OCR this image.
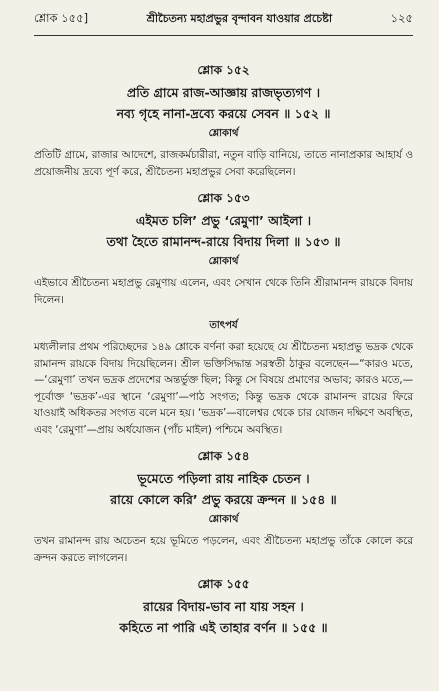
শ্লোক ১৫৫]	শ্রীচৈতন্য মহাপ্রভুর বৃন্দাবন যাওয়ার প্রচেষ্টা	১২৫

শ্লোক ১৫২

প্রতি গ্রামে রাজ-আজ্ঞায় রাজভৃত্যগণ ।

নব্য গৃহে নানা-দ্রব্যে করয়ে সেবন ॥ ১৫২ ॥

শ্লোকার্থ

প্রতিটি গ্রামে, রাজার আদেশে, রাজকর্মচারীরা, নতুন বাড়ি বানিয়ে, তাতে নানাপ্রকার আহার্য ও প্রয়োজনীয় দ্রব্যে পূর্ণ করে, শ্রীচৈতন্য মহাপ্রভুর সেবা করেছিলেন।

শ্লোক ১৫৩

এইমত চলি’ প্রভু ‘রেমুণা’ আইলা ।

তথা হৈতে রামানন্দ-রায়ে বিদায় দিলা ॥ ১৫৩ ॥

শ্লোকার্থ

এইভাবে শ্রীচৈতন্য মহাপ্রভু রেমুণায় এলেন, এবং সেখান থেকে তিনি শ্রীরামানন্দ রায়কে বিদায় দিলেন।

তাৎপর্য

মধ্যলীলার প্রথম পরিচ্ছেদের ১৪৯ শ্লোকে বর্ণনা করা হয়েছে যে শ্রীচৈতন্য মহাপ্রভু ভদ্রক থেকে রামানন্দ রায়কে বিদায় দিয়েছিলেন। শ্রীল ভক্তিসিদ্ধান্ত সরস্বতী ঠাকুর বলেছেন—“কারও মতে,—‘রেমুণা’ তখন ভদ্রক প্রদেশের অন্তর্ভুক্ত ছিল; কিন্তু সে বিষয়ে প্রমাণের অভাব; কারও মতে,—পূর্বোক্ত ‘ভদ্রক’-এর স্থানে ‘রেমুণা’—পাঠ সংগত; কিন্তু ভদ্রক থেকে রামানন্দ রায়ের ফিরে যাওয়াই অধিকতর সংগত বলে মনে হয়। ‘ভদ্রক’—বালেশ্বর থেকে চার যোজন দক্ষিণে অবস্থিত, এবং ‘রেমুণা’—প্রায় অর্ধযোজন (পাঁচ মাইল) পশ্চিমে অবস্থিত।

শ্লোক ১৫৪

ভূমেতে পড়িলা রায় নাহিক চেতন ।

রায়ে কোলে করি’ প্রভু করয়ে ক্রন্দন ॥ ১৫৪ ॥

শ্লোকার্থ

তখন রামানন্দ রায় অচেতন হয়ে ভূমিতে পড়লেন, এবং শ্রীচৈতন্য মহাপ্রভু তাঁকে কোলে করে ক্রন্দন করতে লাগলেন।

শ্লোক ১৫৫

রায়ের বিদায়-ভাব না যায় সহন ।

কহিতে না পারি এই তাহার বর্ণন ॥ ১৫৫ ॥
